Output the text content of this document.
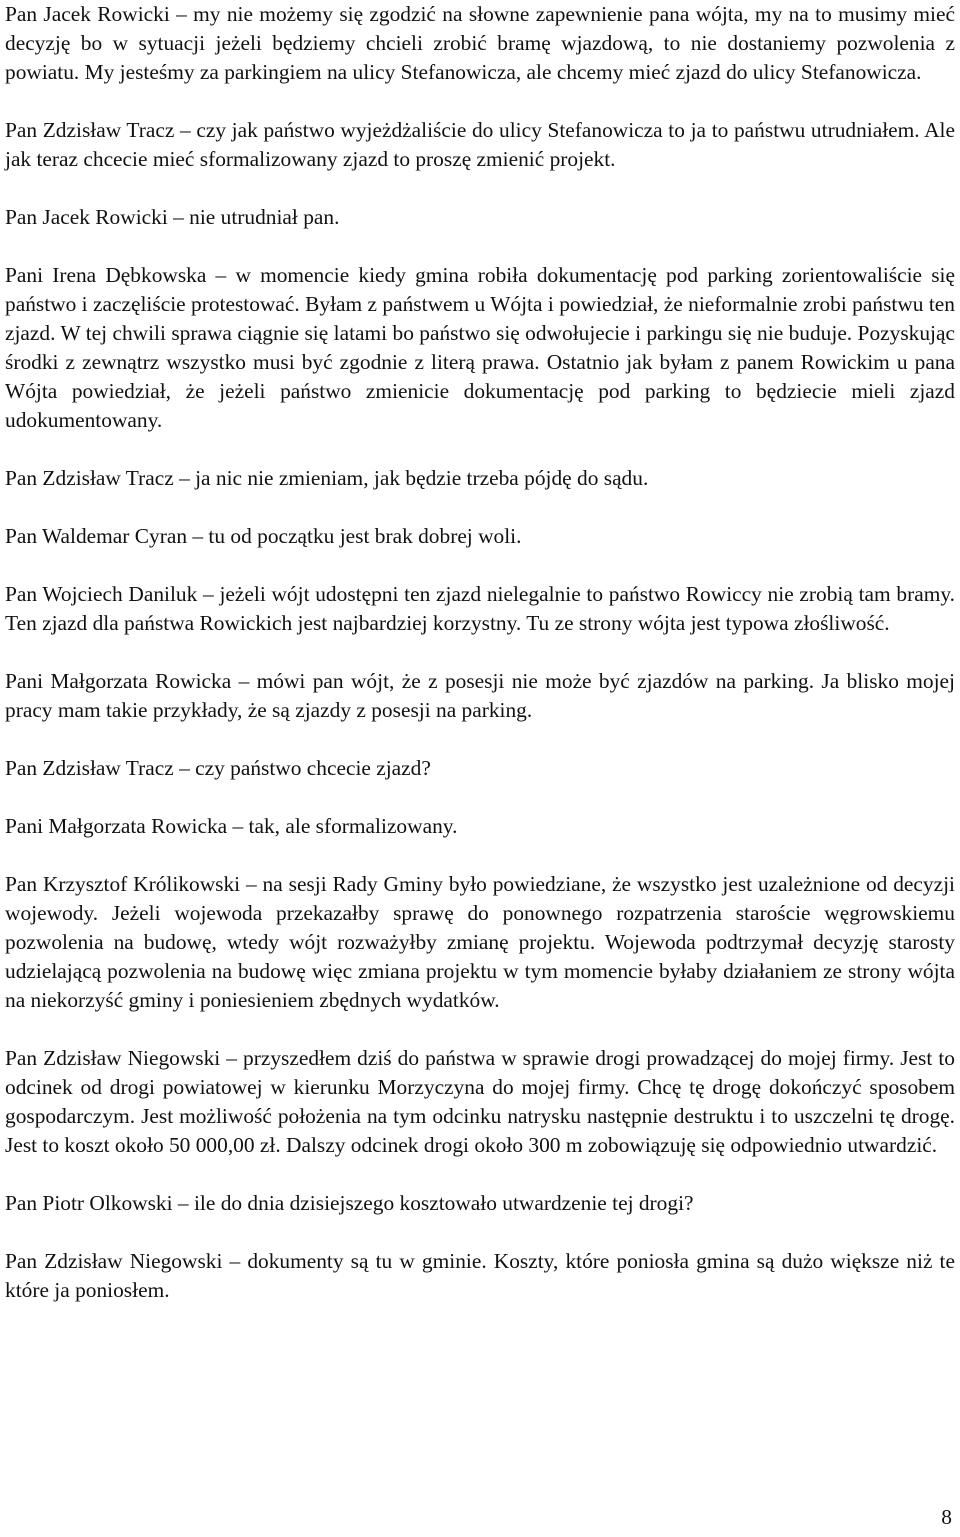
Pan Jacek Rowicki – my nie możemy się zgodzić na słowne zapewnienie pana wójta, my na to musimy mieć decyzję bo w sytuacji jeżeli będziemy chcieli zrobić bramę wjazdową, to nie dostaniemy pozwolenia z powiatu. My jesteśmy za parkingiem na ulicy Stefanowicza, ale chcemy mieć zjazd do ulicy Stefanowicza.

Pan Zdzisław Tracz – czy jak państwo wyjeżdżaliście do ulicy Stefanowicza to ja to państwu utrudniałem. Ale jak teraz chcecie mieć sformalizowany zjazd to proszę zmienić projekt.

Pan Jacek Rowicki – nie utrudniał pan.

Pani Irena Dębkowska – w momencie kiedy gmina robiła dokumentację pod parking zorientowaliście się państwo i zaczęliście protestować. Byłam z państwem u Wójta i powiedział, że nieformalnie zrobi państwu ten zjazd. W tej chwili sprawa ciągnie się latami bo państwo się odwołujecie i parkingu się nie buduje. Pozyskując środki z zewnątrz wszystko musi być zgodnie z literą prawa. Ostatnio jak byłam z panem Rowickim u pana Wójta powiedział, że jeżeli państwo zmienicie dokumentację pod parking to będziecie mieli zjazd udokumentowany.

Pan Zdzisław Tracz – ja nic nie zmieniam, jak będzie trzeba pójdę do sądu.

Pan Waldemar Cyran – tu od początku jest brak dobrej woli.

Pan Wojciech Daniluk – jeżeli wójt udostępni ten zjazd nielegalnie to państwo Rowiccy nie zrobią tam bramy. Ten zjazd dla państwa Rowickich jest najbardziej korzystny. Tu ze strony wójta jest typowa złośliwość.

Pani Małgorzata Rowicka – mówi pan wójt, że z posesji nie może być zjazdów na parking. Ja blisko mojej pracy mam takie przykłady, że są zjazdy z posesji na parking.

Pan Zdzisław Tracz – czy państwo chcecie zjazd?

Pani Małgorzata Rowicka – tak, ale sformalizowany.

Pan Krzysztof Królikowski – na sesji Rady Gminy było powiedziane, że wszystko jest uzależnione od decyzji wojewody. Jeżeli wojewoda przekazałby sprawę do ponownego rozpatrzenia staroście węgrowskiemu pozwolenia na budowę, wtedy wójt rozważyłby zmianę projektu. Wojewoda podtrzymał decyzję starosty udzielającą pozwolenia na budowę więc zmiana projektu w tym momencie byłaby działaniem ze strony wójta na niekorzyść gminy i poniesieniem zbędnych wydatków.

Pan Zdzisław Niegowski – przyszedłem dziś do państwa w sprawie drogi prowadzącej do mojej firmy. Jest to odcinek od drogi powiatowej w kierunku Morzyczyna do mojej firmy. Chcę tę drogę dokończyć sposobem gospodarczym. Jest możliwość położenia na tym odcinku natrysku następnie destruktu i to uszczelni tę drogę. Jest to koszt około 50 000,00 zł. Dalszy odcinek drogi około 300 m zobowiązuję się odpowiednio utwardzić.

Pan Piotr Olkowski – ile do dnia dzisiejszego kosztowało utwardzenie tej drogi?

Pan Zdzisław Niegowski – dokumenty są tu w gminie. Koszty, które poniosła gmina są dużo większe niż te które ja poniosłem.

8
